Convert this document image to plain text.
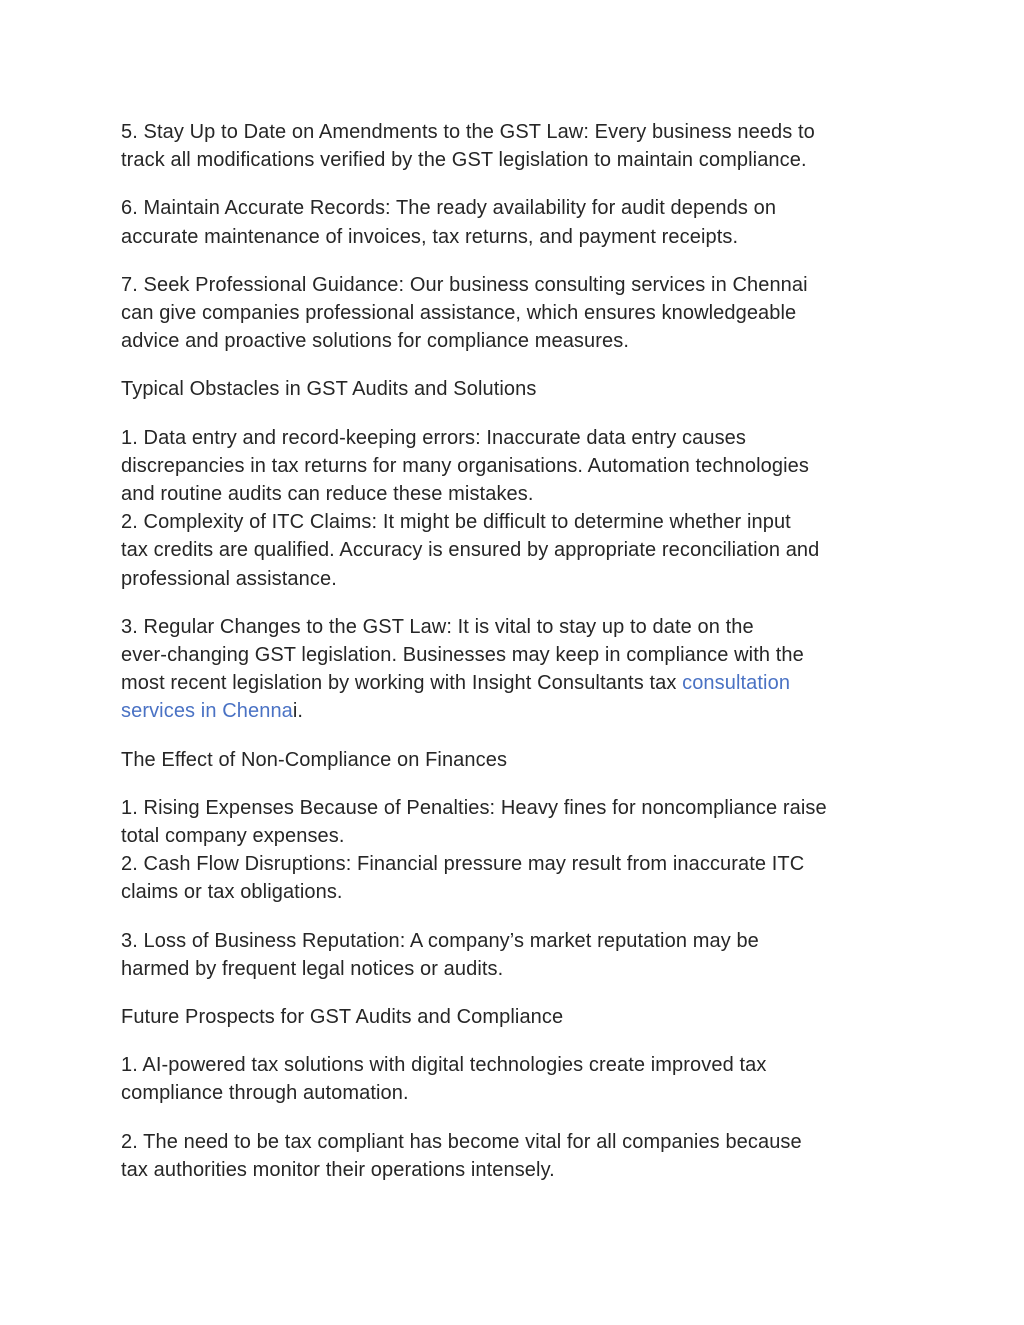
5. Stay Up to Date on Amendments to the GST Law: Every business needs to
track all modifications verified by the GST legislation to maintain compliance.

6. Maintain Accurate Records: The ready availability for audit depends on
accurate maintenance of invoices, tax returns, and payment receipts.

7. Seek Professional Guidance: Our business consulting services in Chennai
can give companies professional assistance, which ensures knowledgeable
advice and proactive solutions for compliance measures.

Typical Obstacles in GST Audits and Solutions

1. Data entry and record-keeping errors: Inaccurate data entry causes
discrepancies in tax returns for many organisations. Automation technologies
and routine audits can reduce these mistakes.
2. Complexity of ITC Claims: It might be difficult to determine whether input
tax credits are qualified. Accuracy is ensured by appropriate reconciliation and
professional assistance.

3. Regular Changes to the GST Law: It is vital to stay up to date on the
ever-changing GST legislation. Businesses may keep in compliance with the
most recent legislation by working with Insight Consultants tax consultation
services in Chennai.

The Effect of Non-Compliance on Finances

1. Rising Expenses Because of Penalties: Heavy fines for noncompliance raise
total company expenses.
2. Cash Flow Disruptions: Financial pressure may result from inaccurate ITC
claims or tax obligations.

3. Loss of Business Reputation: A company’s market reputation may be
harmed by frequent legal notices or audits.

Future Prospects for GST Audits and Compliance

1. AI-powered tax solutions with digital technologies create improved tax
compliance through automation.

2. The need to be tax compliant has become vital for all companies because
tax authorities monitor their operations intensely.
